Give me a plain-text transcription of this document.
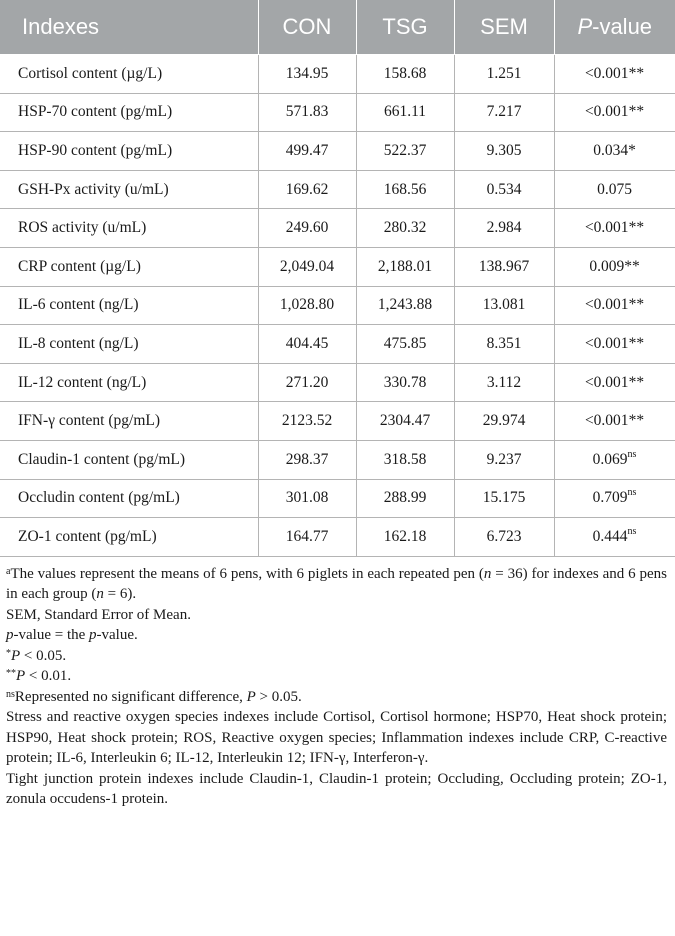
Indexes	CON	TSG	SEM	P-value
Cortisol content (µg/L)	134.95	158.68	1.251	<0.001**
HSP-70 content (pg/mL)	571.83	661.11	7.217	<0.001**
HSP-90 content (pg/mL)	499.47	522.37	9.305	0.034*
GSH-Px activity (u/mL)	169.62	168.56	0.534	0.075
ROS activity (u/mL)	249.60	280.32	2.984	<0.001**
CRP content (µg/L)	2,049.04	2,188.01	138.967	0.009**
IL-6 content (ng/L)	1,028.80	1,243.88	13.081	<0.001**
IL-8 content (ng/L)	404.45	475.85	8.351	<0.001**
IL-12 content (ng/L)	271.20	330.78	3.112	<0.001**
IFN-γ content (pg/mL)	2123.52	2304.47	29.974	<0.001**
Claudin-1 content (pg/mL)	298.37	318.58	9.237	$0.069^{ns}$
Occludin content (pg/mL)	301.08	288.99	15.175	$0.709^{ns}$
ZO-1 content (pg/mL)	164.77	162.18	6.723	$0.444^{ns}$

$^a$The values represent the means of 6 pens, with 6 piglets in each repeated pen (n = 36) for indexes and 6 pens in each group (n = 6).

SEM, Standard Error of Mean.

p-value = the p-value.

*P < 0.05.

**P < 0.01.

$^{ns}$Represented no significant difference, P > 0.05.

Stress and reactive oxygen species indexes include Cortisol, Cortisol hormone; HSP70, Heat shock protein; HSP90, Heat shock protein; ROS, Reactive oxygen species; Inflammation indexes include CRP, C-reactive protein; IL-6, Interleukin 6; IL-12, Interleukin 12; IFN-γ, Interferon-γ.

Tight junction protein indexes include Claudin-1, Claudin-1 protein; Occluding, Occluding protein; ZO-1, zonula occudens-1 protein.
